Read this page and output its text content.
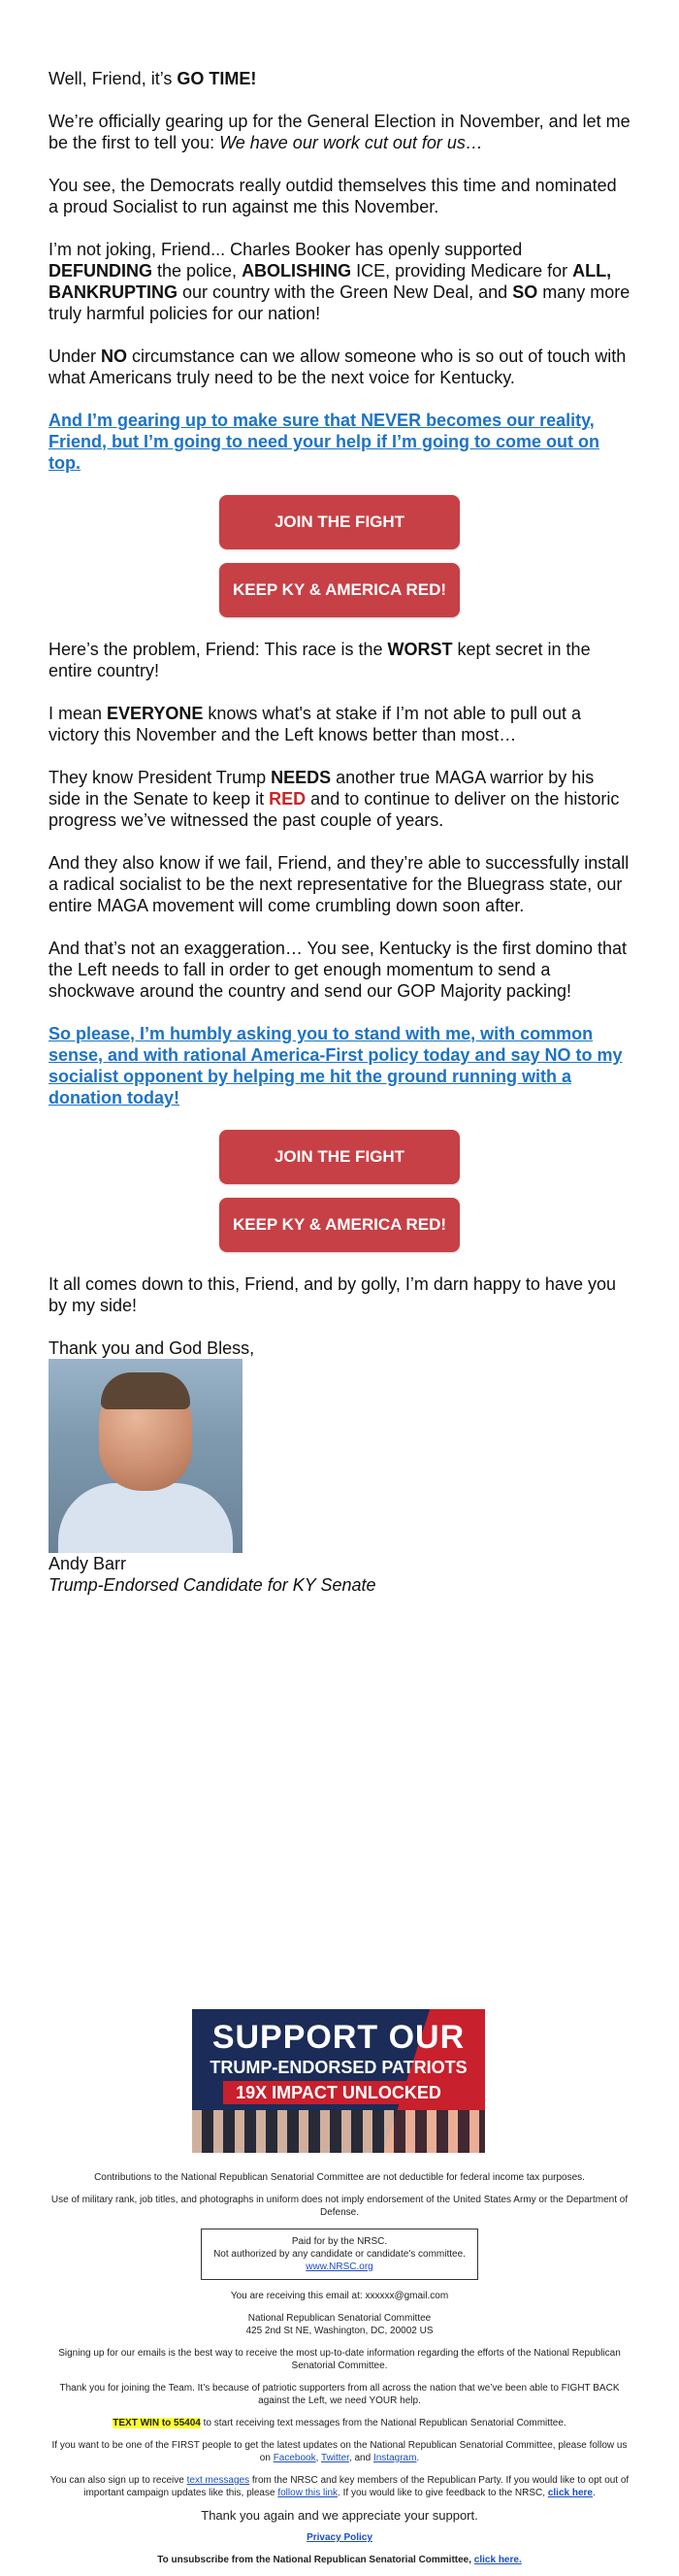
Well, Friend, it’s GO TIME!

We’re officially gearing up for the General Election in November, and let me be the first to tell you: We have our work cut out for us…

You see, the Democrats really outdid themselves this time and nominated a proud Socialist to run against me this November.

I’m not joking, Friend... Charles Booker has openly supported DEFUNDING the police, ABOLISHING ICE, providing Medicare for ALL, BANKRUPTING our country with the Green New Deal, and SO many more truly harmful policies for our nation!

Under NO circumstance can we allow someone who is so out of touch with what Americans truly need to be the next voice for Kentucky.

And I’m gearing up to make sure that NEVER becomes our reality, Friend, but I’m going to need your help if I’m going to come out on top.

JOIN THE FIGHT
KEEP KY & AMERICA RED!

Here’s the problem, Friend: This race is the WORST kept secret in the entire country!

I mean EVERYONE knows what's at stake if I’m not able to pull out a victory this November and the Left knows better than most…

They know President Trump NEEDS another true MAGA warrior by his side in the Senate to keep it RED and to continue to deliver on the historic progress we’ve witnessed the past couple of years.

And they also know if we fail, Friend, and they’re able to successfully install a radical socialist to be the next representative for the Bluegrass state, our entire MAGA movement will come crumbling down soon after.

And that’s not an exaggeration… You see, Kentucky is the first domino that the Left needs to fall in order to get enough momentum to send a shockwave around the country and send our GOP Majority packing!

So please, I’m humbly asking you to stand with me, with common sense, and with rational America-First policy today and say NO to my socialist opponent by helping me hit the ground running with a donation today!

JOIN THE FIGHT
KEEP KY & AMERICA RED!

It all comes down to this, Friend, and by golly, I’m darn happy to have you by my side!

Thank you and God Bless,

Andy Barr
Trump-Endorsed Candidate for KY Senate
SUPPORT OUR
TRUMP-ENDORSED PATRIOTS
19X IMPACT UNLOCKED

Contributions to the National Republican Senatorial Committee are not deductible for federal income tax purposes.

Use of military rank, job titles, and photographs in uniform does not imply endorsement of the United States Army or the Department of Defense.

Paid for by the NRSC.
Not authorized by any candidate or candidate's committee.
www.NRSC.org

You are receiving this email at: xxxxxx@gmail.com

National Republican Senatorial Committee
425 2nd St NE, Washington, DC, 20002 US

Signing up for our emails is the best way to receive the most up-to-date information regarding the efforts of the National Republican Senatorial Committee.

Thank you for joining the Team. It’s because of patriotic supporters from all across the nation that we’ve been able to FIGHT BACK against the Left, we need YOUR help.

TEXT WIN to 55404 to start receiving text messages from the National Republican Senatorial Committee.

If you want to be one of the FIRST people to get the latest updates on the National Republican Senatorial Committee, please follow us on Facebook, Twitter, and Instagram.

You can also sign up to receive text messages from the NRSC and key members of the Republican Party. If you would like to opt out of important campaign updates like this, please follow this link. If you would like to give feedback to the NRSC, click here.

Thank you again and we appreciate your support.

Privacy Policy

To unsubscribe from the National Republican Senatorial Committee, click here.
